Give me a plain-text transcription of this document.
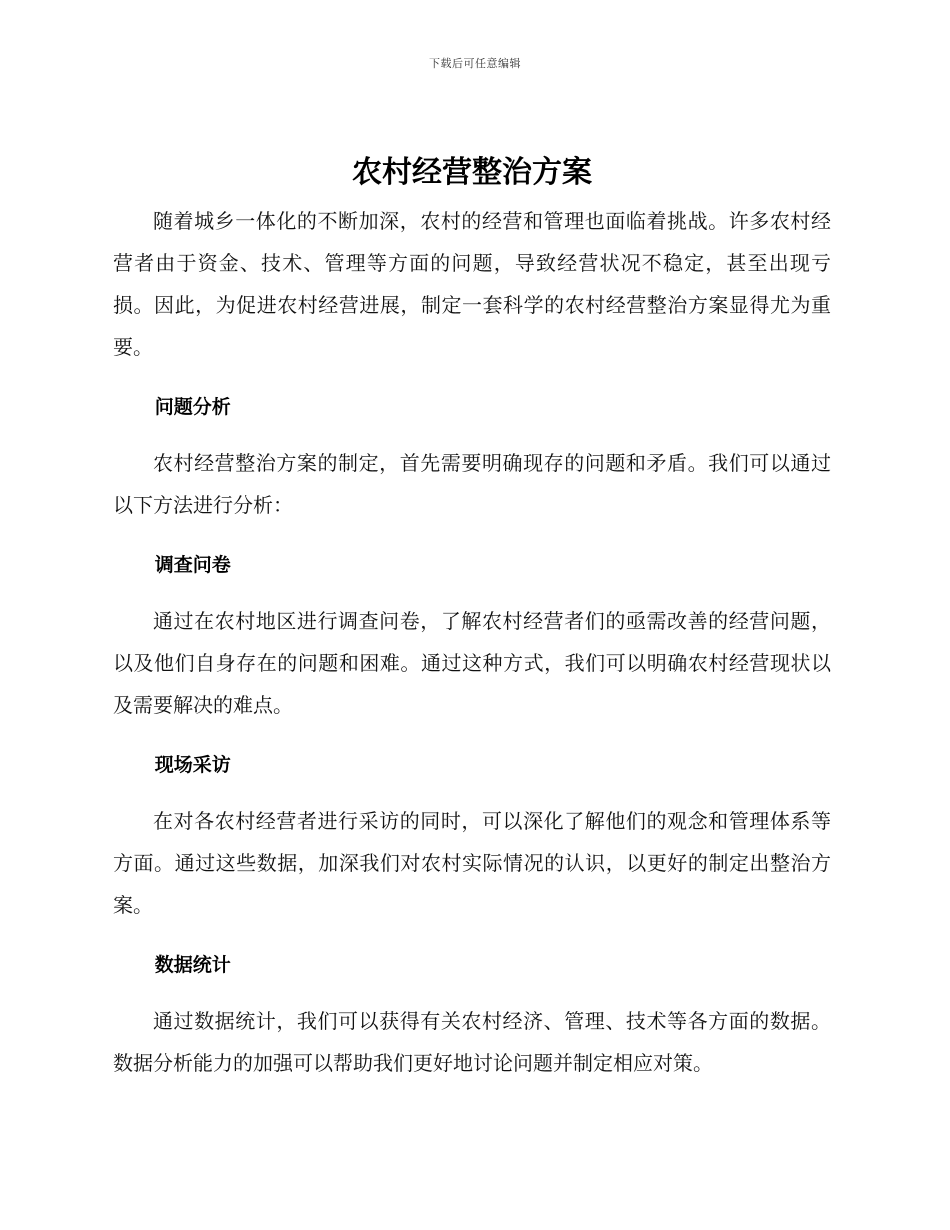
下载后可任意编辑
农村经营整治方案

随着城乡一体化的不断加深，农村的经营和管理也面临着挑战。许多农村经营者由于资金、技术、管理等方面的问题，导致经营状况不稳定，甚至出现亏损。因此，为促进农村经营进展，制定一套科学的农村经营整治方案显得尤为重要。

问题分析

农村经营整治方案的制定，首先需要明确现存的问题和矛盾。我们可以通过以下方法进行分析：

调查问卷

通过在农村地区进行调查问卷，了解农村经营者们的亟需改善的经营问题，以及他们自身存在的问题和困难。通过这种方式，我们可以明确农村经营现状以及需要解决的难点。

现场采访

在对各农村经营者进行采访的同时，可以深化了解他们的观念和管理体系等方面。通过这些数据，加深我们对农村实际情况的认识，以更好的制定出整治方案。

数据统计

通过数据统计，我们可以获得有关农村经济、管理、技术等各方面的数据。数据分析能力的加强可以帮助我们更好地讨论问题并制定相应对策。
